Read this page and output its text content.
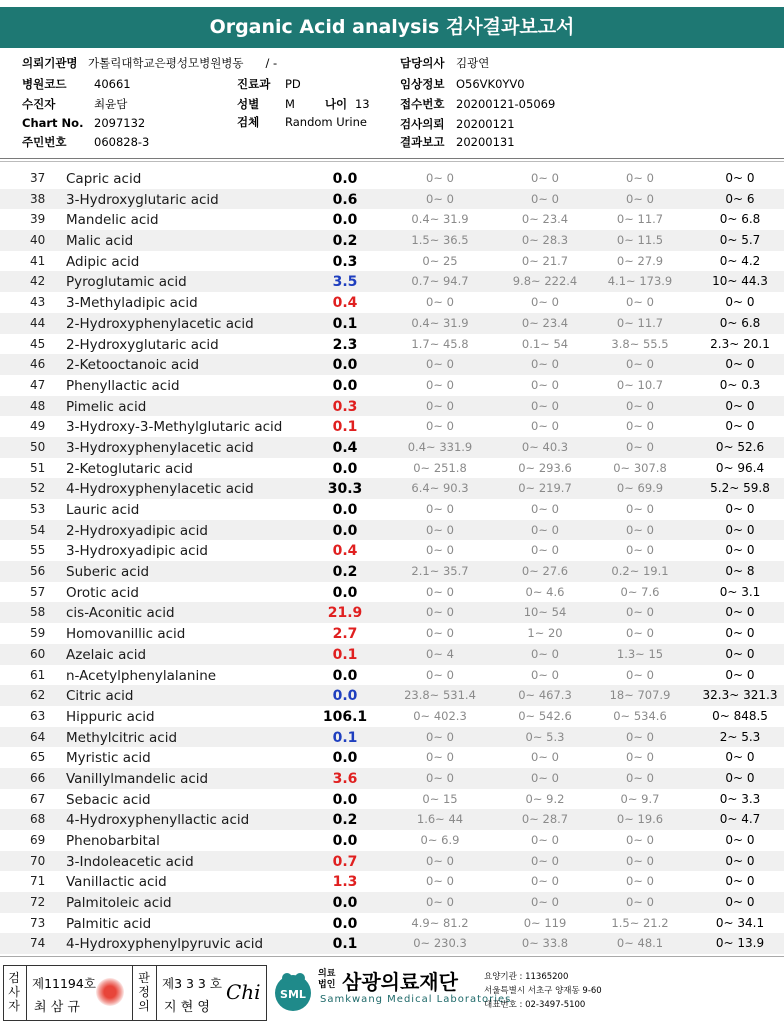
Organic Acid analysis 검사결과보고서
의뢰기관명 가톨릭대학교은평성모병원병동 / -
병원코드 40661
수진자	최윤담
Chart No. 2097132
주민번호 060828-3
진료과 PD
성별 M	나이 13
검체 Random Urine
담당의사 김광연
임상정보 O56VK0YV0
접수번호 20200121-05069
검사의뢰 20200121
결과보고 20200131
37 Capric acid	0.0	0~ 0	0~ 0	0~ 0	0~ 0
38 3-Hydroxyglutaric acid	0.6	0~ 0	0~ 0	0~ 0	0~ 6
39 Mandelic acid	0.0	0.4~ 31.9	0~ 23.4	0~ 11.7	0~ 6.8
40 Malic acid	0.2	1.5~ 36.5	0~ 28.3	0~ 11.5	0~ 5.7
41 Adipic acid	0.3	0~ 25	0~ 21.7	0~ 27.9	0~ 4.2
42 Pyroglutamic acid	3.5	0.7~ 94.7	9.8~ 222.4	4.1~ 173.9	10~ 44.3
43 3-Methyladipic acid	0.4	0~ 0	0~ 0	0~ 0	0~ 0
44 2-Hydroxyphenylacetic acid	0.1	0.4~ 31.9	0~ 23.4	0~ 11.7	0~ 6.8
45 2-Hydroxyglutaric acid	2.3	1.7~ 45.8	0.1~ 54	3.8~ 55.5	2.3~ 20.1
46 2-Ketooctanoic acid	0.0	0~ 0	0~ 0	0~ 0	0~ 0
47 Phenyllactic acid	0.0	0~ 0	0~ 0	0~ 10.7	0~ 0.3
48 Pimelic acid	0.3	0~ 0	0~ 0	0~ 0	0~ 0
49 3-Hydroxy-3-Methylglutaric acid	0.1	0~ 0	0~ 0	0~ 0	0~ 0
50 3-Hydroxyphenylacetic acid	0.4	0.4~ 331.9	0~ 40.3	0~ 0	0~ 52.6
51 2-Ketoglutaric acid	0.0	0~ 251.8	0~ 293.6	0~ 307.8	0~ 96.4
52 4-Hydroxyphenylacetic acid	30.3	6.4~ 90.3	0~ 219.7	0~ 69.9	5.2~ 59.8
53 Lauric acid	0.0	0~ 0	0~ 0	0~ 0	0~ 0
54 2-Hydroxyadipic acid	0.0	0~ 0	0~ 0	0~ 0	0~ 0
55 3-Hydroxyadipic acid	0.4	0~ 0	0~ 0	0~ 0	0~ 0
56 Suberic acid	0.2	2.1~ 35.7	0~ 27.6	0.2~ 19.1	0~ 8
57 Orotic acid	0.0	0~ 0	0~ 4.6	0~ 7.6	0~ 3.1
58 cis-Aconitic acid	21.9	0~ 0	10~ 54	0~ 0	0~ 0
59 Homovanillic acid	2.7	0~ 0	1~ 20	0~ 0	0~ 0
60 Azelaic acid	0.1	0~ 4	0~ 0	1.3~ 15	0~ 0
61 n-Acetylphenylalanine	0.0	0~ 0	0~ 0	0~ 0	0~ 0
62 Citric acid	0.0	23.8~ 531.4	0~ 467.3	18~ 707.9	32.3~ 321.3
63 Hippuric acid	106.1	0~ 402.3	0~ 542.6	0~ 534.6	0~ 848.5
64 Methylcitric acid	0.1	0~ 0	0~ 5.3	0~ 0	2~ 5.3
65 Myristic acid	0.0	0~ 0	0~ 0	0~ 0	0~ 0
66 Vanillylmandelic acid	3.6	0~ 0	0~ 0	0~ 0	0~ 0
67 Sebacic acid	0.0	0~ 15	0~ 9.2	0~ 9.7	0~ 3.3
68 4-Hydroxyphenyllactic acid	0.2	1.6~ 44	0~ 28.7	0~ 19.6	0~ 4.7
69 Phenobarbital	0.0	0~ 6.9	0~ 0	0~ 0	0~ 0
70 3-Indoleacetic acid	0.7	0~ 0	0~ 0	0~ 0	0~ 0
71 Vanillactic acid	1.3	0~ 0	0~ 0	0~ 0	0~ 0
72 Palmitoleic acid	0.0	0~ 0	0~ 0	0~ 0	0~ 0
73 Palmitic acid	0.0	4.9~ 81.2	0~ 119	1.5~ 21.2	0~ 34.1
74 4-Hydroxyphenylpyruvic acid	0.1	0~ 230.3	0~ 33.8	0~ 48.1	0~ 13.9
검사자
제11194호
최 삼 규
판정의
제3 3 3 호
지 현 영
Chi SML
의료
법인 삼광의료재단
Samkwang Medical Laboratories
요양기관 : 11365200
서울특별시 서초구 양재동 9-60
대표번호 : 02-3497-5100
